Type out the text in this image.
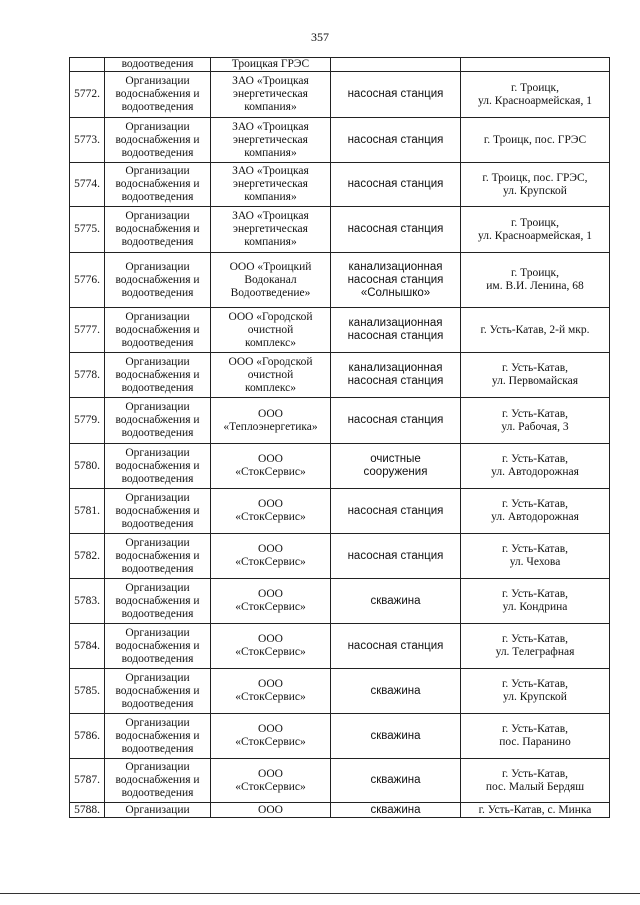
357

	водоотведения	Троицкая ГРЭС		

5772.	Организации
водоснабжения и
водоотведения	ЗАО «Троицкая
энергетическая
компания»	насосная станция	г. Троицк,
ул. Красноармейская, 1

5773.	Организации
водоснабжения и
водоотведения	ЗАО «Троицкая
энергетическая
компания»	насосная станция	г. Троицк, пос. ГРЭС

5774.	Организации
водоснабжения и
водоотведения	ЗАО «Троицкая
энергетическая
компания»	насосная станция	г. Троицк, пос. ГРЭС,
ул. Крупской

5775.	Организации
водоснабжения и
водоотведения	ЗАО «Троицкая
энергетическая
компания»	насосная станция	г. Троицк,
ул. Красноармейская, 1

5776.	Организации
водоснабжения и
водоотведения	ООО «Троицкий
Водоканал
Водоотведение»	канализационная
насосная станция
«Солнышко»	г. Троицк,
им. В.И. Ленина, 68

5777.	Организации
водоснабжения и
водоотведения	ООО «Городской
очистной
комплекс»	канализационная
насосная станция	г. Усть-Катав, 2-й мкр.

5778.	Организации
водоснабжения и
водоотведения	ООО «Городской
очистной
комплекс»	канализационная
насосная станция	г. Усть-Катав,
ул. Первомайская

5779.	Организации
водоснабжения и
водоотведения	ООО
«Теплоэнергетика»	насосная станция	г. Усть-Катав,
ул. Рабочая, 3

5780.	Организации
водоснабжения и
водоотведения	ООО
«СтокСервис»	очистные
сооружения	г. Усть-Катав,
ул. Автодорожная

5781.	Организации
водоснабжения и
водоотведения	ООО
«СтокСервис»	насосная станция	г. Усть-Катав,
ул. Автодорожная

5782.	Организации
водоснабжения и
водоотведения	ООО
«СтокСервис»	насосная станция	г. Усть-Катав,
ул. Чехова

5783.	Организации
водоснабжения и
водоотведения	ООО
«СтокСервис»	скважина	г. Усть-Катав,
ул. Кондрина

5784.	Организации
водоснабжения и
водоотведения	ООО
«СтокСервис»	насосная станция	г. Усть-Катав,
ул. Телеграфная

5785.	Организации
водоснабжения и
водоотведения	ООО
«СтокСервис»	скважина	г. Усть-Катав,
ул. Крупской

5786.	Организации
водоснабжения и
водоотведения	ООО
«СтокСервис»	скважина	г. Усть-Катав,
пос. Паранино

5787.	Организации
водоснабжения и
водоотведения	ООО
«СтокСервис»	скважина	г. Усть-Катав,
пос. Малый Бердяш

5788.	Организации	ООО	скважина	г. Усть-Катав, с. Минка
